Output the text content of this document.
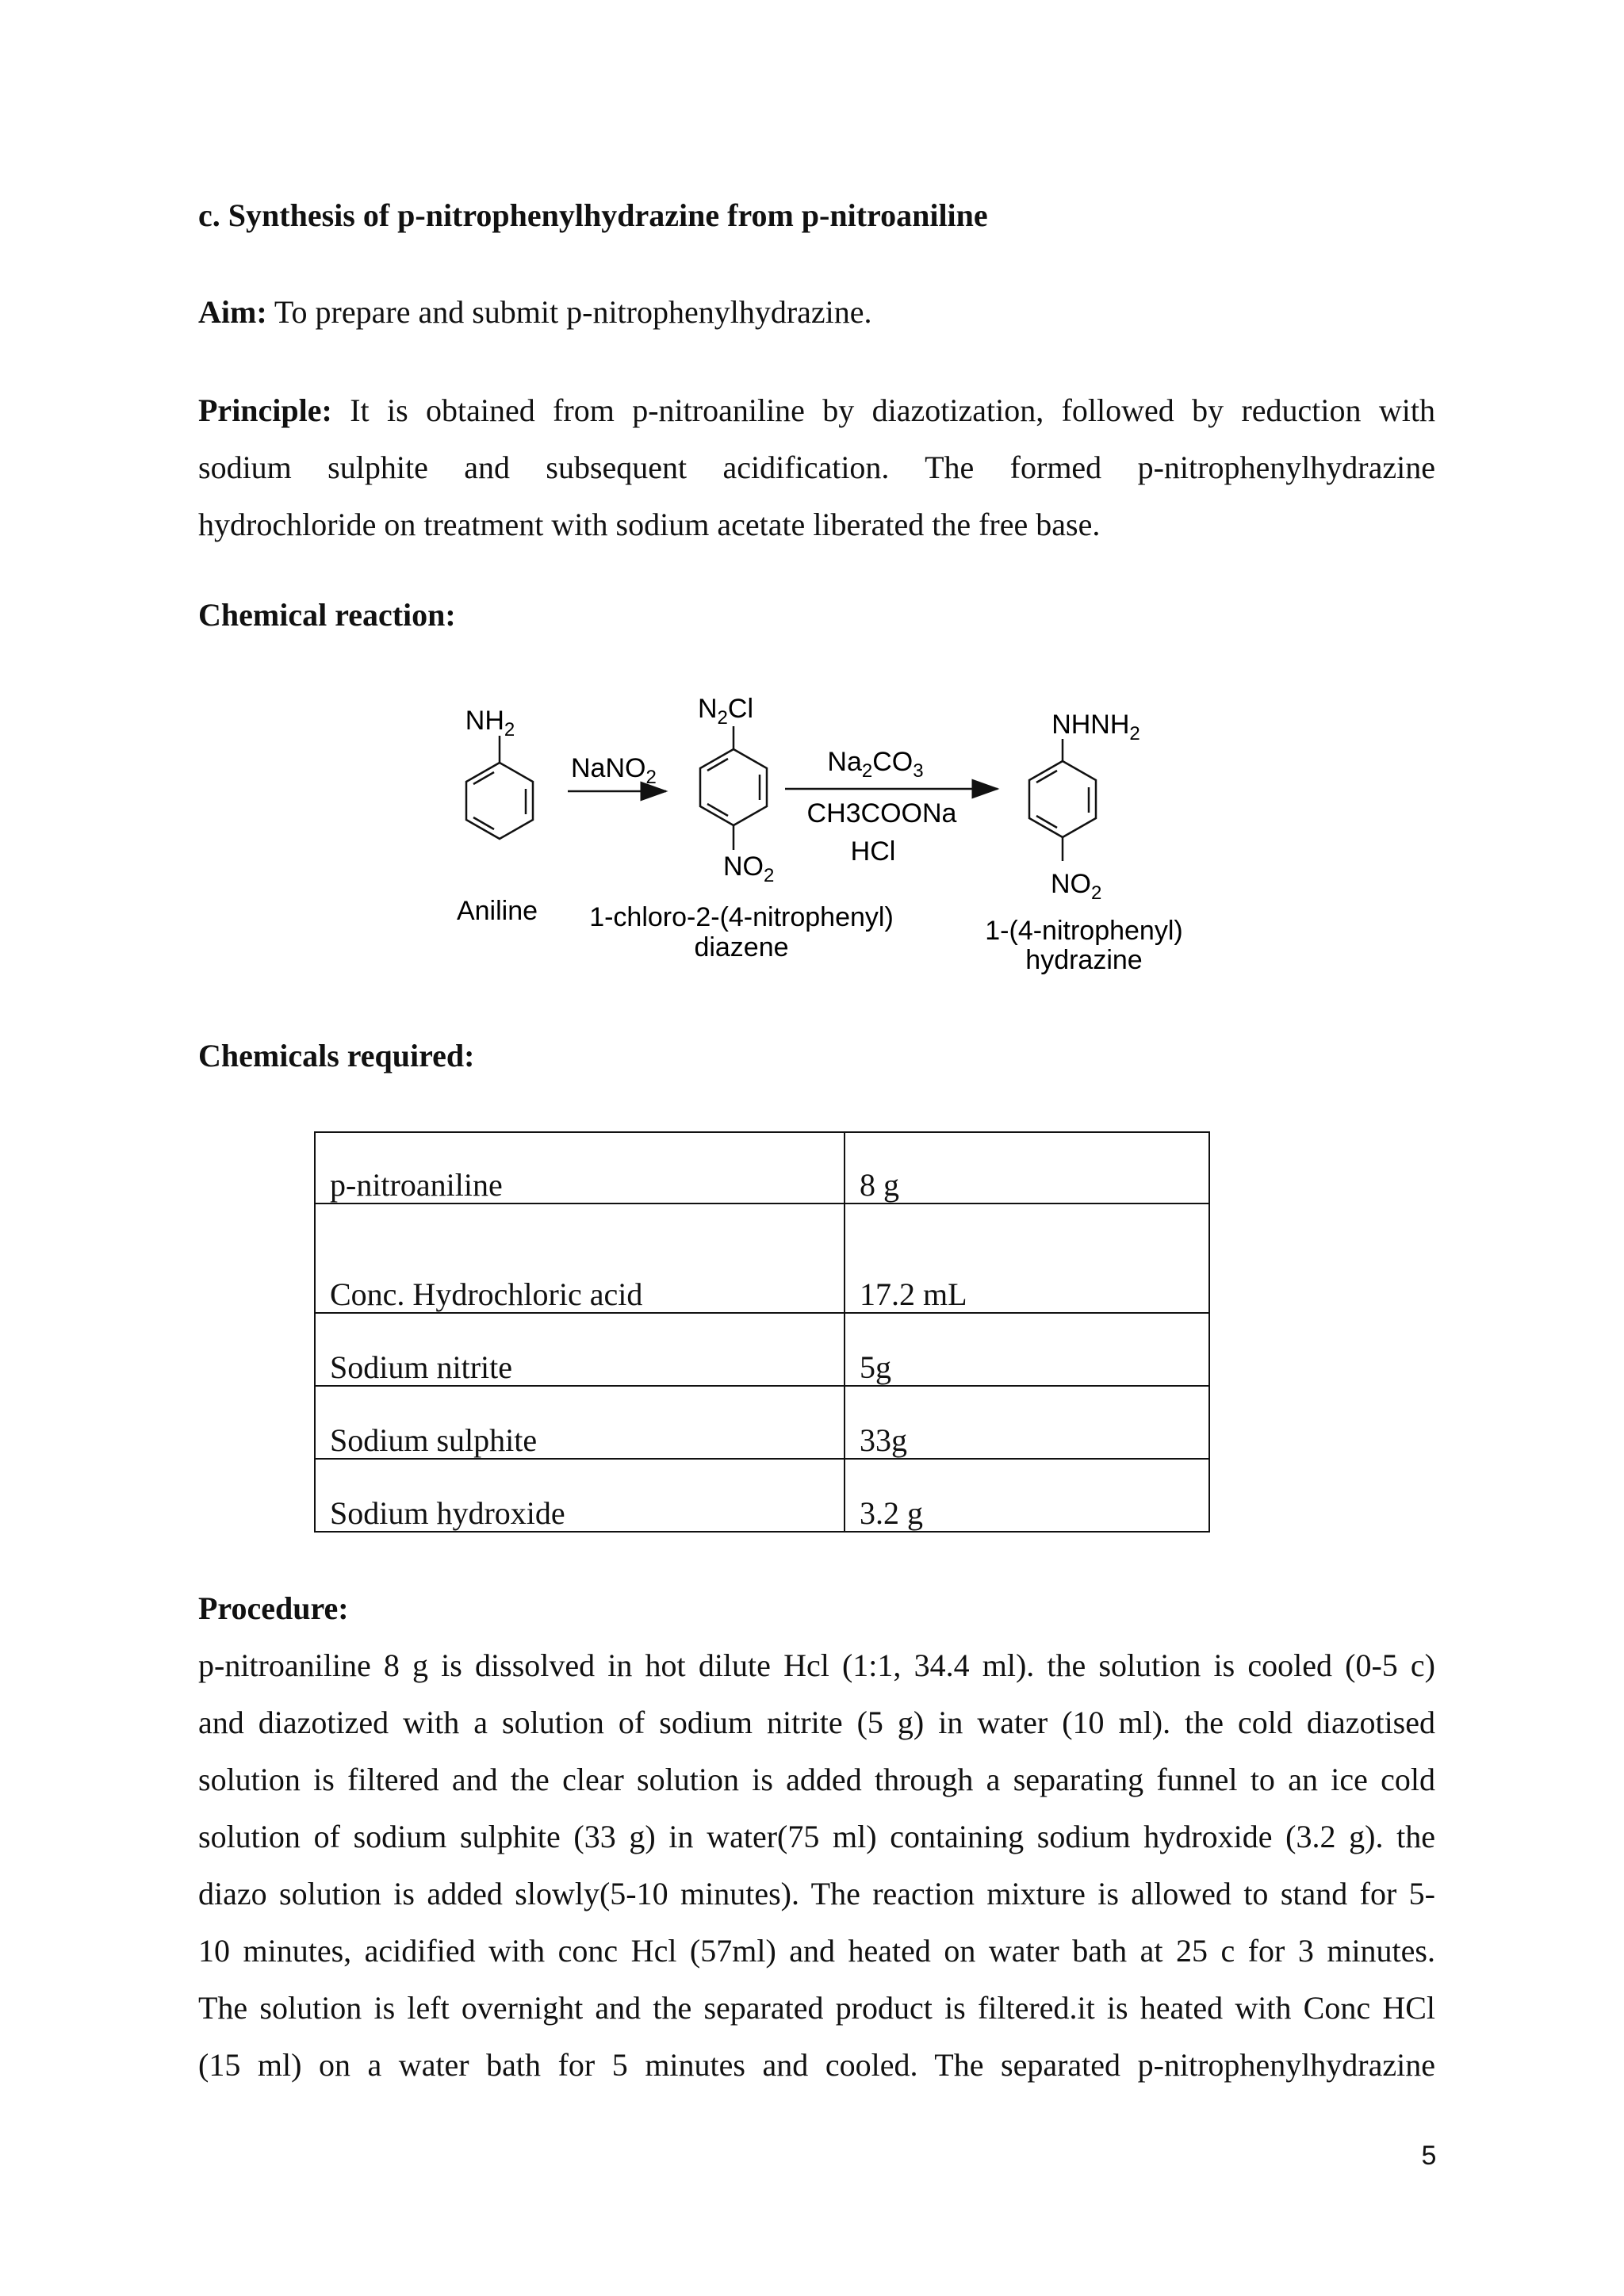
c. Synthesis of p-nitrophenylhydrazine from p-nitroaniline
Aim: To prepare and submit p-nitrophenylhydrazine.
Principle: It is obtained from p-nitroaniline by diazotization, followed by reduction with
sodium sulphite and subsequent acidification. The formed p-nitrophenylhydrazine
hydrochloride on treatment with sodium acetate liberated the free base.
Chemical reaction:
$NH_2$
Aniline
NaNO$_2$
$N_2Cl$
$NO_2$
1-chloro-2-(4-nitrophenyl)
diazene
$Na_2CO_3$
CH3COONa
HCl
$NHNH_2$
$NO_2$
1-(4-nitrophenyl)
hydrazine
Chemicals required:
p-nitroaniline	8 g
Conc. Hydrochloric acid	17.2 mL
Sodium nitrite	5g
Sodium sulphite	33g
Sodium hydroxide	3.2 g
Procedure:
p-nitroaniline 8 g is dissolved in hot dilute Hcl (1:1, 34.4 ml). the solution is cooled (0-5 c)
and diazotized with a solution of sodium nitrite (5 g) in water (10 ml). the cold diazotised
solution is filtered and the clear solution is added through a separating funnel to an ice cold
solution of sodium sulphite (33 g) in water(75 ml) containing sodium hydroxide (3.2 g). the
diazo solution is added slowly(5-10 minutes). The reaction mixture is allowed to stand for 5-
10 minutes, acidified with conc Hcl (57ml) and heated on water bath at 25 c for 3 minutes.
The solution is left overnight and the separated product is filtered.it is heated with Conc HCl
(15 ml) on a water bath for 5 minutes and cooled. The separated p-nitrophenylhydrazine
5
